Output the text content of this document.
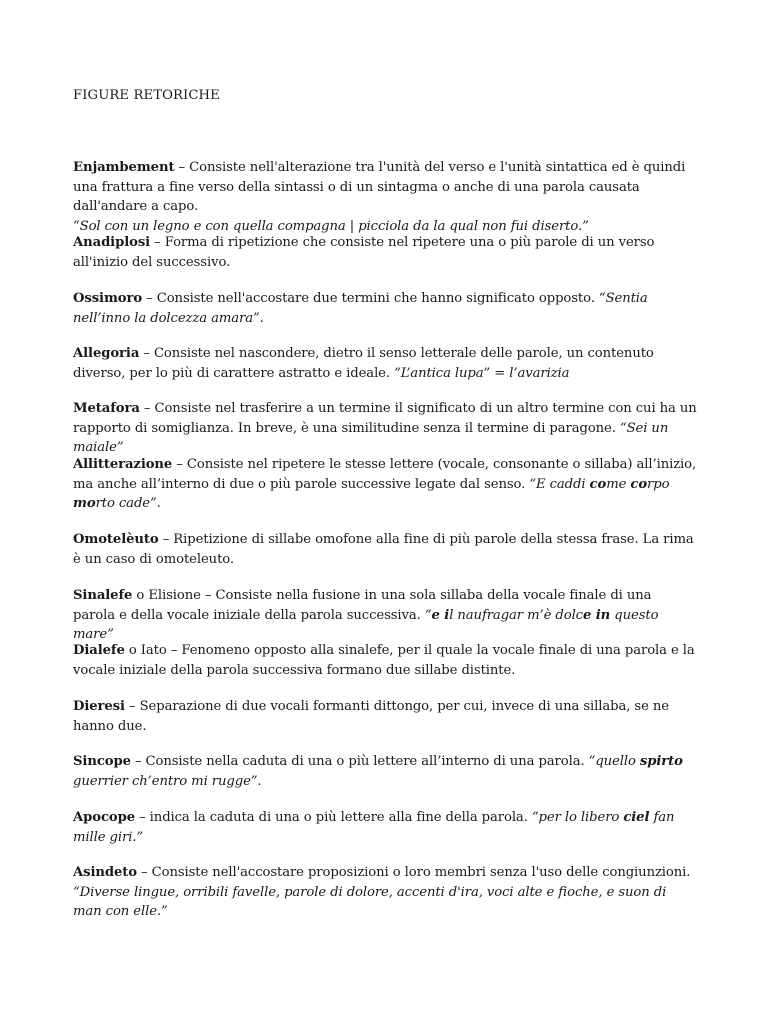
FIGURE RETORICHE

Enjambement – Consiste nell'alterazione tra l'unità del verso e l'unità sintattica ed è quindi una frattura a fine verso della sintassi o di un sintagma o anche di una parola causata dall'andare a capo.
“Sol con un legno e con quella compagna | picciola da la qual non fui diserto.”

Anadiplosi – Forma di ripetizione che consiste nel ripetere una o più parole di un verso all'inizio del successivo.

Ossimoro – Consiste nell'accostare due termini che hanno significato opposto. “Sentia nell’inno la dolcezza amara”.

Allegoria – Consiste nel nascondere, dietro il senso letterale delle parole, un contenuto diverso, per lo più di carattere astratto e ideale. “L’antica lupa” = l’avarizia

Metafora – Consiste nel trasferire a un termine il significato di un altro termine con cui ha un rapporto di somiglianza. In breve, è una similitudine senza il termine di paragone. “Sei un maiale”

Allitterazione – Consiste nel ripetere le stesse lettere (vocale, consonante o sillaba) all’inizio, ma anche all’interno di due o più parole successive legate dal senso. “E caddi come corpo morto cade”.

Omotelèuto – Ripetizione di sillabe omofone alla fine di più parole della stessa frase. La rima è un caso di omoteleuto.

Sinalefe o Elisione – Consiste nella fusione in una sola sillaba della vocale finale di una parola e della vocale iniziale della parola successiva. “e il naufragar m’è dolce in questo mare”

Dialefe o Iato – Fenomeno opposto alla sinalefe, per il quale la vocale finale di una parola e la vocale iniziale della parola successiva formano due sillabe distinte.

Dieresi – Separazione di due vocali formanti dittongo, per cui, invece di una sillaba, se ne hanno due.

Sincope – Consiste nella caduta di una o più lettere all’interno di una parola. “quello spirto guerrier ch’entro mi rugge”.

Apocope – indica la caduta di una o più lettere alla fine della parola. “per lo libero ciel fan mille giri.”

Asindeto – Consiste nell'accostare proposizioni o loro membri senza l'uso delle congiunzioni.
“Diverse lingue, orribili favelle, parole di dolore, accenti d'ira, voci alte e fioche, e suon di man con elle.”
